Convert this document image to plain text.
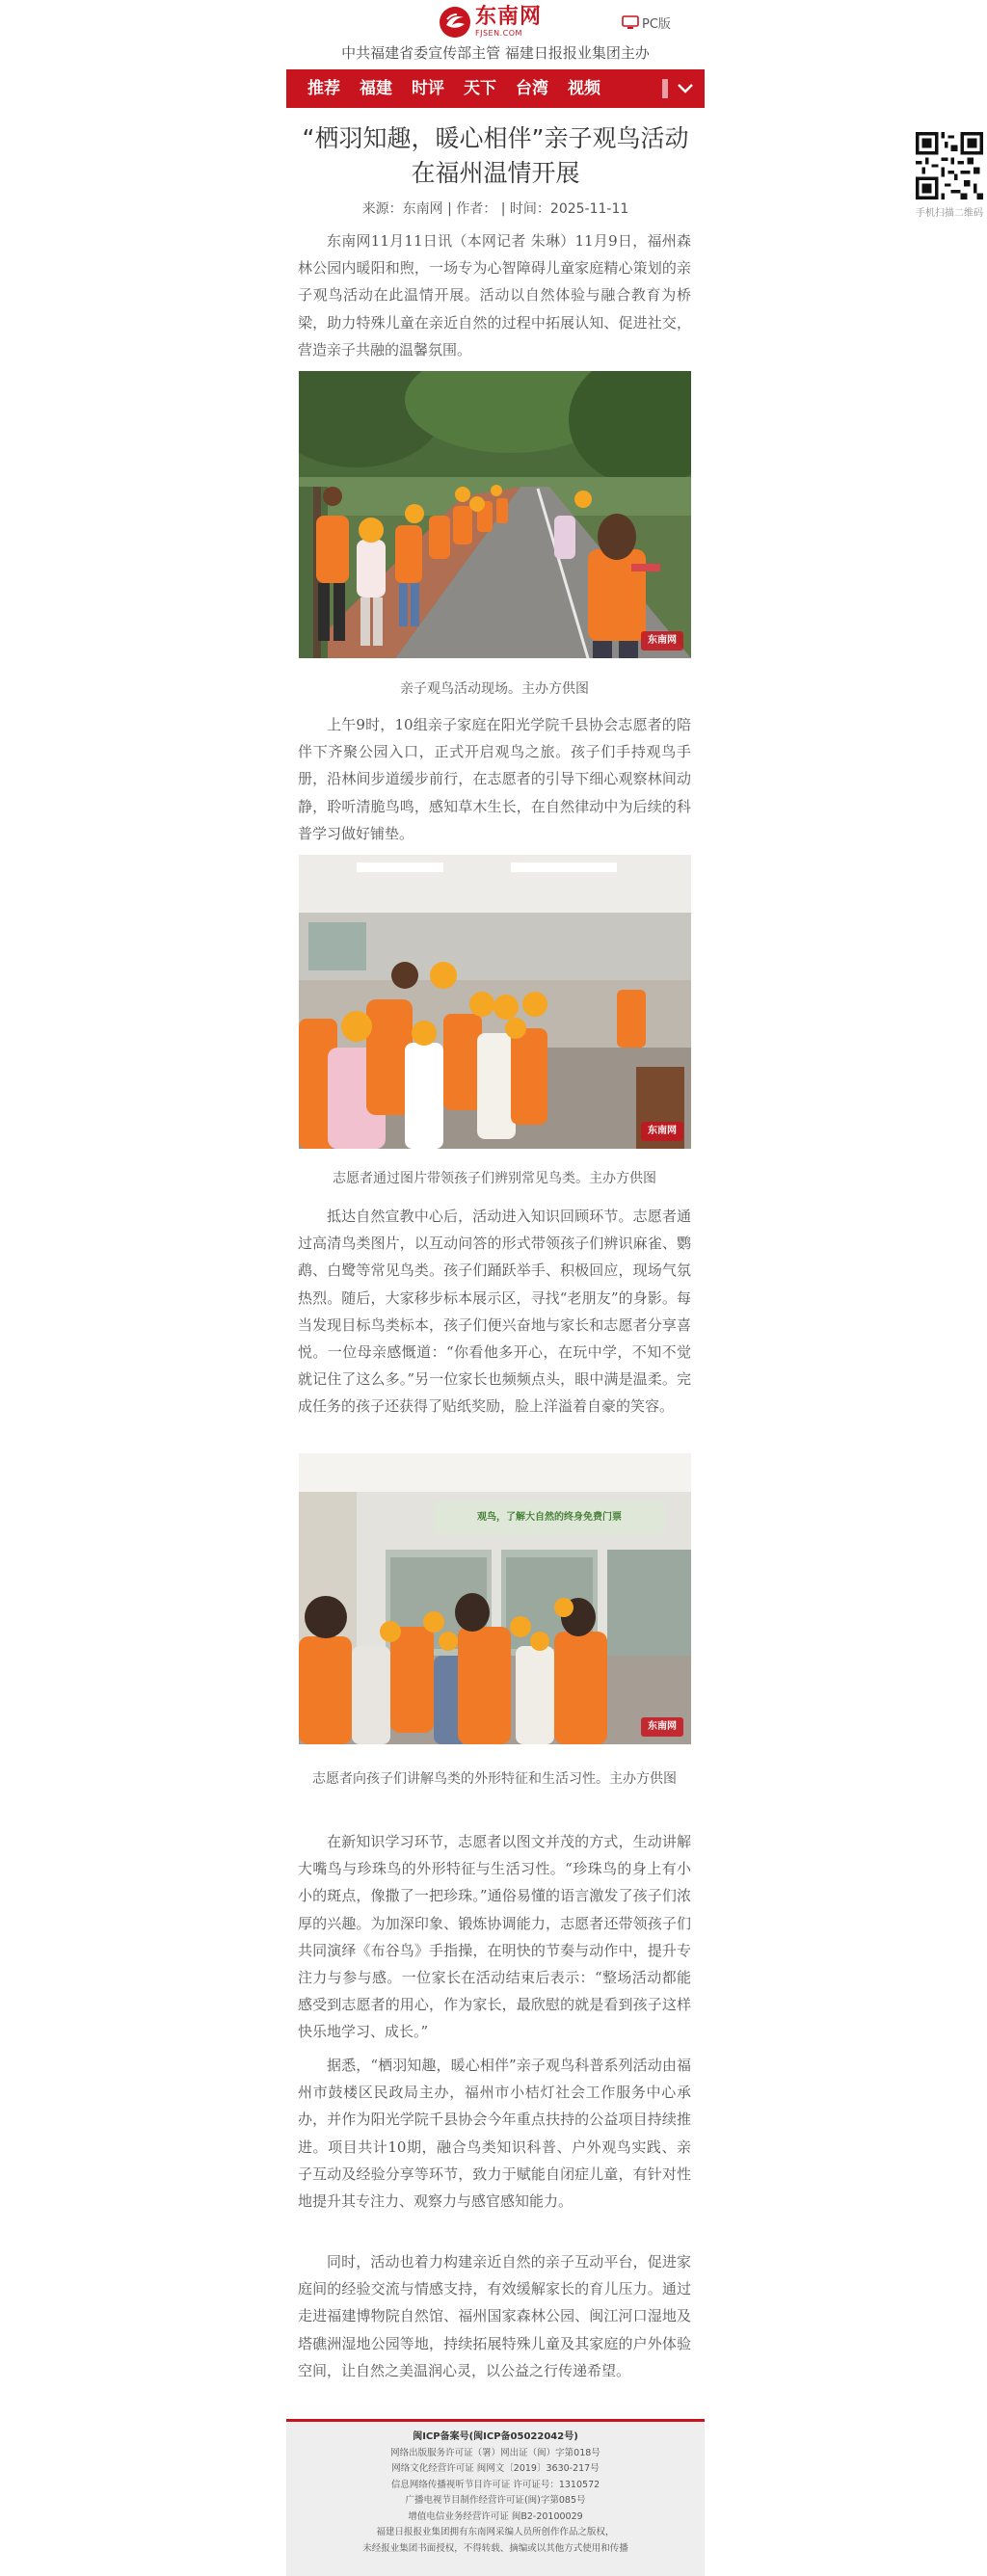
东南网
FJSEN.COM
PC版
中共福建省委宣传部主管 福建日报报业集团主办
推荐	福建	时评	天下	台湾	视频
“栖羽知趣，暖心相伴”亲子观鸟活动
在福州温情开展
来源：东南网 | 作者： | 时间：2025-11-11

东南网11月11日讯（本网记者 朱琳）11月9日，福州森林公园内暖阳和煦，一场专为心智障碍儿童家庭精心策划的亲子观鸟活动在此温情开展。活动以自然体验与融合教育为桥梁，助力特殊儿童在亲近自然的过程中拓展认知、促进社交，营造亲子共融的温馨氛围。

东南网

亲子观鸟活动现场。主办方供图

上午9时，10组亲子家庭在阳光学院千县协会志愿者的陪伴下齐聚公园入口，正式开启观鸟之旅。孩子们手持观鸟手册，沿林间步道缓步前行，在志愿者的引导下细心观察林间动静，聆听清脆鸟鸣，感知草木生长，在自然律动中为后续的科普学习做好铺垫。

东南网

志愿者通过图片带领孩子们辨别常见鸟类。主办方供图

抵达自然宣教中心后，活动进入知识回顾环节。志愿者通过高清鸟类图片，以互动问答的形式带领孩子们辨识麻雀、鹦鹉、白鹭等常见鸟类。孩子们踊跃举手、积极回应，现场气氛热烈。随后，大家移步标本展示区，寻找“老朋友”的身影。每当发现目标鸟类标本，孩子们便兴奋地与家长和志愿者分享喜悦。一位母亲感慨道：“你看他多开心，在玩中学，不知不觉就记住了这么多。”另一位家长也频频点头，眼中满是温柔。完成任务的孩子还获得了贴纸奖励，脸上洋溢着自豪的笑容。

观鸟，了解大自然的终身免费门票
东南网

志愿者向孩子们讲解鸟类的外形特征和生活习性。主办方供图

在新知识学习环节，志愿者以图文并茂的方式，生动讲解大嘴鸟与珍珠鸟的外形特征与生活习性。“珍珠鸟的身上有小小的斑点，像撒了一把珍珠。”通俗易懂的语言激发了孩子们浓厚的兴趣。为加深印象、锻炼协调能力，志愿者还带领孩子们共同演绎《布谷鸟》手指操，在明快的节奏与动作中，提升专注力与参与感。一位家长在活动结束后表示：“整场活动都能感受到志愿者的用心，作为家长，最欣慰的就是看到孩子这样快乐地学习、成长。”

据悉，“栖羽知趣，暖心相伴”亲子观鸟科普系列活动由福州市鼓楼区民政局主办，福州市小桔灯社会工作服务中心承办，并作为阳光学院千县协会今年重点扶持的公益项目持续推进。项目共计10期，融合鸟类知识科普、户外观鸟实践、亲子互动及经验分享等环节，致力于赋能自闭症儿童，有针对性地提升其专注力、观察力与感官感知能力。

同时，活动也着力构建亲近自然的亲子互动平台，促进家庭间的经验交流与情感支持，有效缓解家长的育儿压力。通过走进福建博物院自然馆、福州国家森林公园、闽江河口湿地及塔礁洲湿地公园等地，持续拓展特殊儿童及其家庭的户外体验空间，让自然之美温润心灵，以公益之行传递希望。

闽ICP备案号(闽ICP备05022042号)
网络出版服务许可证（署）网出证（闽）字第018号
网络文化经营许可证 闽网文〔2019〕3630-217号
信息网络传播视听节目许可证 许可证号：1310572
广播电视节目制作经营许可证(闽)字第085号
增值电信业务经营许可证 闽B2-20100029
福建日报报业集团拥有东南网采编人员所创作作品之版权，
未经报业集团书面授权，不得转载、摘编或以其他方式使用和传播
手机扫描二维码
